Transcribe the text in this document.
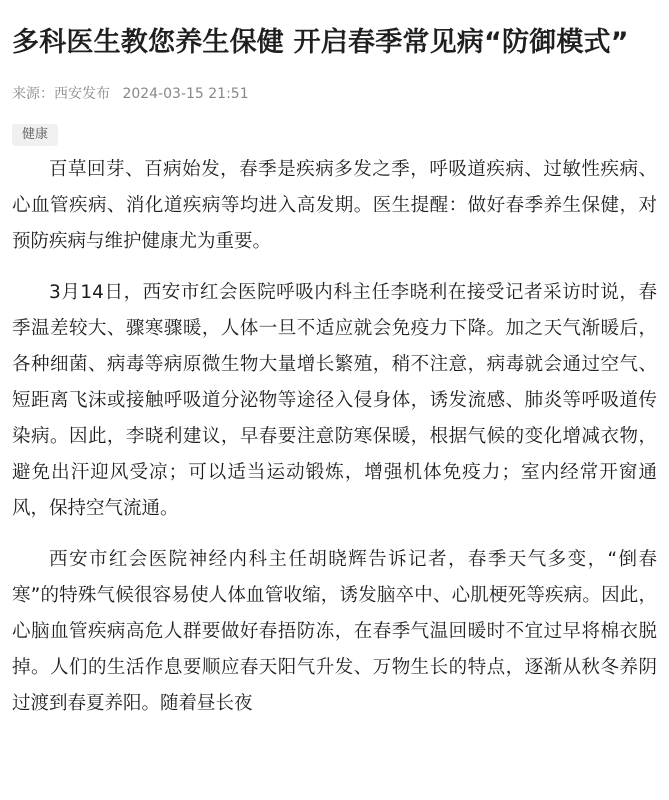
多科医生教您养生保健 开启春季常见病“防御模式”
来源：西安发布 2024-03-15 21:51
健康

百草回芽、百病始发，春季是疾病多发之季，呼吸道疾病、过敏性疾病、心血管疾病、消化道疾病等均进入高发期。医生提醒：做好春季养生保健，对预防疾病与维护健康尤为重要。

3月14日，西安市红会医院呼吸内科主任李晓利在接受记者采访时说，春季温差较大、骤寒骤暖，人体一旦不适应就会免疫力下降。加之天气渐暖后，各种细菌、病毒等病原微生物大量增长繁殖，稍不注意，病毒就会通过空气、短距离飞沫或接触呼吸道分泌物等途径入侵身体，诱发流感、肺炎等呼吸道传染病。因此，李晓利建议，早春要注意防寒保暖，根据气候的变化增减衣物，避免出汗迎风受凉；可以适当运动锻炼，增强机体免疫力；室内经常开窗通风，保持空气流通。

西安市红会医院神经内科主任胡晓辉告诉记者，春季天气多变，“倒春寒”的特殊气候很容易使人体血管收缩，诱发脑卒中、心肌梗死等疾病。因此，心脑血管疾病高危人群要做好春捂防冻，在春季气温回暖时不宜过早将棉衣脱掉。人们的生活作息要顺应春天阳气升发、万物生长的特点，逐渐从秋冬养阴过渡到春夏养阳。随着昼长夜
